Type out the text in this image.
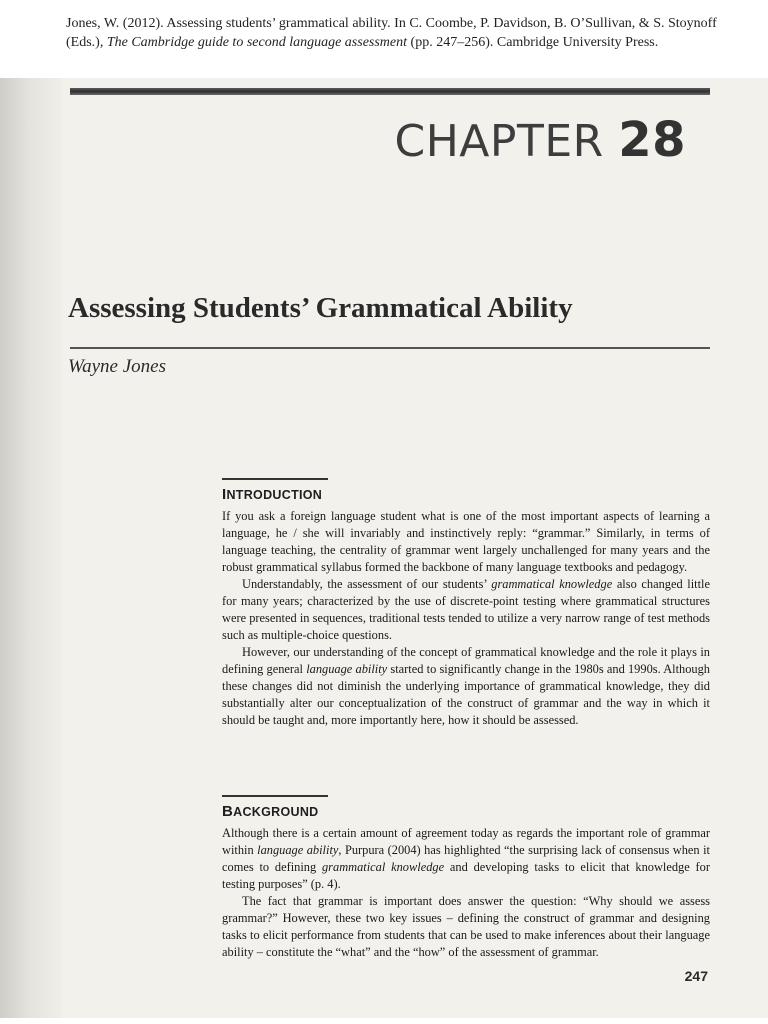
Jones, W. (2012). Assessing students’ grammatical ability. In C. Coombe, P. Davidson, B. O’Sullivan, & S. Stoynoff (Eds.), The Cambridge guide to second language assessment (pp. 247–256). Cambridge University Press.
CHAPTER 28
Assessing Students’ Grammatical Ability
Wayne Jones
INTRODUCTION

If you ask a foreign language student what is one of the most important aspects of learning a language, he / she will invariably and instinctively reply: “grammar.” Similarly, in terms of language teaching, the centrality of grammar went largely unchallenged for many years and the robust grammatical syllabus formed the backbone of many language textbooks and pedagogy.

Understandably, the assessment of our students’ grammatical knowledge also changed little for many years; characterized by the use of discrete-point testing where grammatical structures were presented in sequences, traditional tests tended to utilize a very narrow range of test methods such as multiple-choice questions.

However, our understanding of the concept of grammatical knowledge and the role it plays in defining general language ability started to significantly change in the 1980s and 1990s. Although these changes did not diminish the underlying importance of grammatical knowledge, they did substantially alter our conceptualization of the construct of grammar and the way in which it should be taught and, more importantly here, how it should be assessed.

BACKGROUND

Although there is a certain amount of agreement today as regards the important role of grammar within language ability, Purpura (2004) has highlighted “the surprising lack of consensus when it comes to defining grammatical knowledge and developing tasks to elicit that knowledge for testing purposes” (p. 4).

The fact that grammar is important does answer the question: “Why should we assess grammar?” However, these two key issues – defining the construct of grammar and designing tasks to elicit performance from students that can be used to make inferences about their language ability – constitute the “what” and the “how” of the assessment of grammar.

247
